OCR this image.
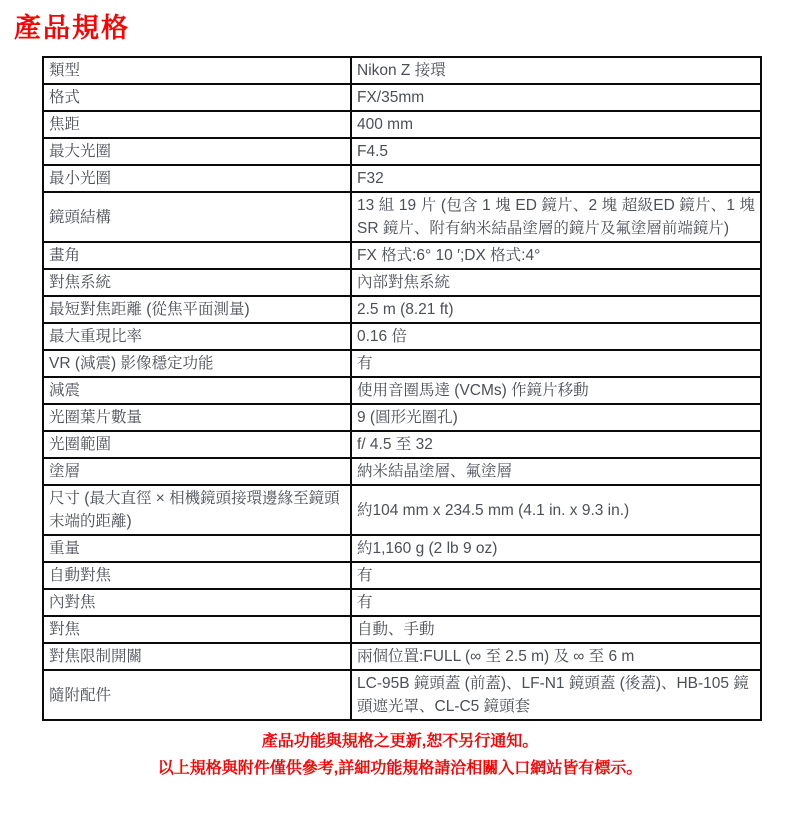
產品規格
類型	Nikon Z 接環
格式	FX/35mm
焦距	400 mm
最大光圈	F4.5
最小光圈	F32
鏡頭結構	13 組 19 片 (包含 1 塊 ED 鏡片、2 塊 超級ED 鏡片、1 塊 SR 鏡片、附有納米結晶塗層的鏡片及氟塗層前端鏡片)
畫角	FX 格式:6° 10 ′;DX 格式:4°
對焦系統	內部對焦系統
最短對焦距離 (從焦平面測量)	2.5 m (8.21 ft)
最大重現比率	0.16 倍
VR (減震) 影像穩定功能	有
減震	使用音圈馬達 (VCMs) 作鏡片移動
光圈葉片數量	9 (圓形光圈孔)
光圈範圍	f/ 4.5 至 32
塗層	納米結晶塗層、氟塗層
尺寸 (最大直徑 × 相機鏡頭接環邊緣至鏡頭末端的距離)	約104 mm x 234.5 mm (4.1 in. x 9.3 in.)
重量	約1,160 g (2 lb 9 oz)
自動對焦	有
內對焦	有
對焦	自動、手動
對焦限制開關	兩個位置:FULL (∞ 至 2.5 m) 及 ∞ 至 6 m
隨附配件	LC-95B 鏡頭蓋 (前蓋)、LF-N1 鏡頭蓋 (後蓋)、HB-105 鏡頭遮光罩、CL-C5 鏡頭套

產品功能與規格之更新,恕不另行通知。

以上規格與附件僅供參考,詳細功能規格請洽相關入口網站皆有標示。
